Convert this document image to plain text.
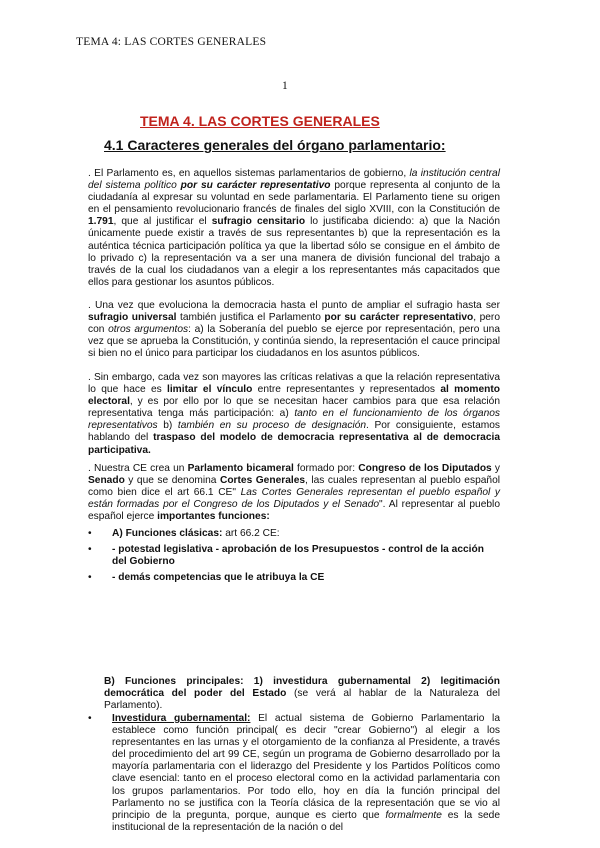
TEMA 4: LAS CORTES GENERALES
1
TEMA 4. LAS CORTES GENERALES
4.1 Caracteres generales del órgano parlamentario:
. El Parlamento es, en aquellos sistemas parlamentarios de gobierno, la institución central del sistema político por su carácter representativo porque representa al conjunto de la ciudadanía al expresar su voluntad en sede parlamentaria. El Parlamento tiene su origen en el pensamiento revolucionario francés de finales del siglo XVIII, con la Constitución de 1.791, que al justificar el sufragio censitario lo justificaba diciendo: a) que la Nación únicamente puede existir a través de sus representantes b) que la representación es la auténtica técnica participación política ya que la libertad sólo se consigue en el ámbito de lo privado c) la representación va a ser una manera de división funcional del trabajo a través de la cual los ciudadanos van a elegir a los representantes más capacitados que ellos para gestionar los asuntos públicos.
. Una vez que evoluciona la democracia hasta el punto de ampliar el sufragio hasta ser sufragio universal también justifica el Parlamento por su carácter representativo, pero con otros argumentos: a) la Soberanía del pueblo se ejerce por representación, pero una vez que se aprueba la Constitución, y continúa siendo, la representación el cauce principal si bien no el único para participar los ciudadanos en los asuntos públicos.
. Sin embargo, cada vez son mayores las críticas relativas a que la relación representativa lo que hace es limitar el vínculo entre representantes y representados al momento electoral, y es por ello por lo que se necesitan hacer cambios para que esa relación representativa tenga más participación: a) tanto en el funcionamiento de los órganos representativos b) también en su proceso de designación. Por consiguiente, estamos hablando del traspaso del modelo de democracia representativa al de democracia participativa.
. Nuestra CE crea un Parlamento bicameral formado por: Congreso de los Diputados y Senado y que se denomina Cortes Generales, las cuales representan al pueblo español como bien dice el art 66.1 CE" Las Cortes Generales representan el pueblo español y están formadas por el Congreso de los Diputados y el Senado". Al representar al pueblo español ejerce importantes funciones:
• A) Funciones clásicas: art 66.2 CE:
• - potestad legislativa - aprobación de los Presupuestos - control de la acción del Gobierno
• - demás competencias que le atribuya la CE
B) Funciones principales: 1) investidura gubernamental 2) legitimación democrática del poder del Estado (se verá al hablar de la Naturaleza del Parlamento).
•	Investidura gubernamental: El actual sistema de Gobierno Parlamentario la establece como función principal( es decir "crear Gobierno") al elegir a los representantes en las urnas y el otorgamiento de la confianza al Presidente, a través del procedimiento del art 99 CE, según un programa de Gobierno desarrollado por la mayoría parlamentaria con el liderazgo del Presidente y los Partidos Políticos como clave esencial: tanto en el proceso electoral como en la actividad parlamentaria con los grupos parlamentarios. Por todo ello, hoy en día la función principal del Parlamento no se justifica con la Teoría clásica de la representación que se vio al principio de la pregunta, porque, aunque es cierto que formalmente es la sede institucional de la representación de la nación o del
